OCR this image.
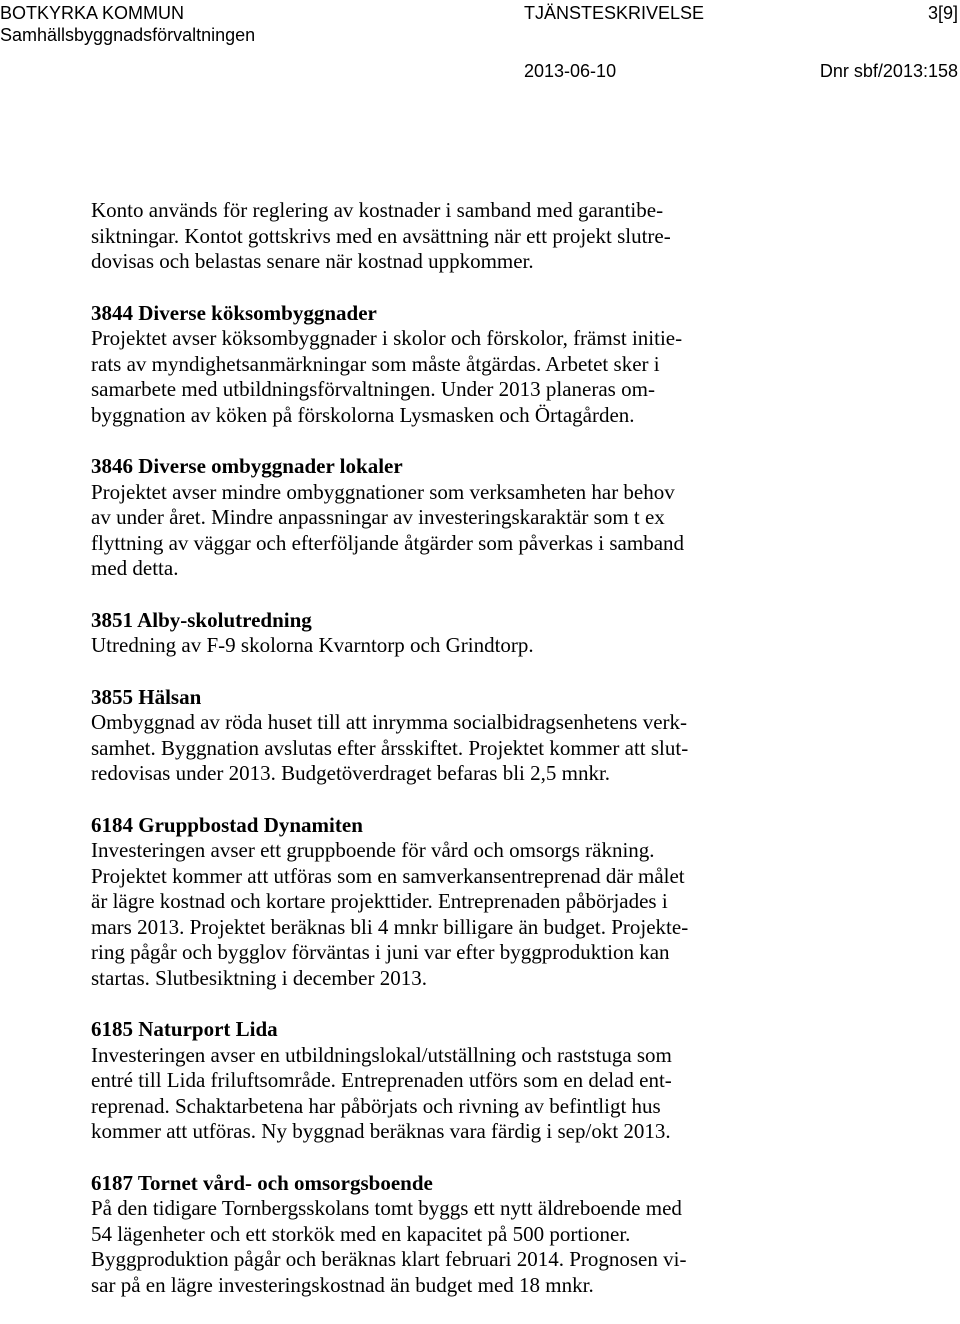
BOTKYRKA KOMMUN	TJÄNSTESKRIVELSE	3[9]
Samhällsbyggnadsförvaltningen
2013-06-10	Dnr sbf/2013:158
Konto används för reglering av kostnader i samband med garantibe-
siktningar. Kontot gottskrivs med en avsättning när ett projekt slutre-
dovisas och belastas senare när kostnad uppkommer.
3844 Diverse köksombyggnader
Projektet avser köksombyggnader i skolor och förskolor, främst initie-
rats av myndighetsanmärkningar som måste åtgärdas. Arbetet sker i
samarbete med utbildningsförvaltningen. Under 2013 planeras om-
byggnation av köken på förskolorna Lysmasken och Örtagården.
3846 Diverse ombyggnader lokaler
Projektet avser mindre ombyggnationer som verksamheten har behov
av under året. Mindre anpassningar av investeringskaraktär som t ex
flyttning av väggar och efterföljande åtgärder som påverkas i samband
med detta.
3851 Alby-skolutredning
Utredning av F-9 skolorna Kvarntorp och Grindtorp.
3855 Hälsan
Ombyggnad av röda huset till att inrymma socialbidragsenhetens verk-
samhet. Byggnation avslutas efter årsskiftet. Projektet kommer att slut-
redovisas under 2013. Budgetöverdraget befaras bli 2,5 mnkr.
6184 Gruppbostad Dynamiten
Investeringen avser ett gruppboende för vård och omsorgs räkning.
Projektet kommer att utföras som en samverkansentreprenad där målet
är lägre kostnad och kortare projekttider. Entreprenaden påbörjades i
mars 2013. Projektet beräknas bli 4 mnkr billigare än budget. Projekte-
ring pågår och bygglov förväntas i juni var efter byggproduktion kan
startas. Slutbesiktning i december 2013.
6185 Naturport Lida
Investeringen avser en utbildningslokal/utställning och raststuga som
entré till Lida friluftsområde. Entreprenaden utförs som en delad ent-
reprenad. Schaktarbetena har påbörjats och rivning av befintligt hus
kommer att utföras. Ny byggnad beräknas vara färdig i sep/okt 2013.
6187 Tornet vård- och omsorgsboende
På den tidigare Tornbergsskolans tomt byggs ett nytt äldreboende med
54 lägenheter och ett storkök med en kapacitet på 500 portioner.
Byggproduktion pågår och beräknas klart februari 2014. Prognosen vi-
sar på en lägre investeringskostnad än budget med 18 mnkr.
